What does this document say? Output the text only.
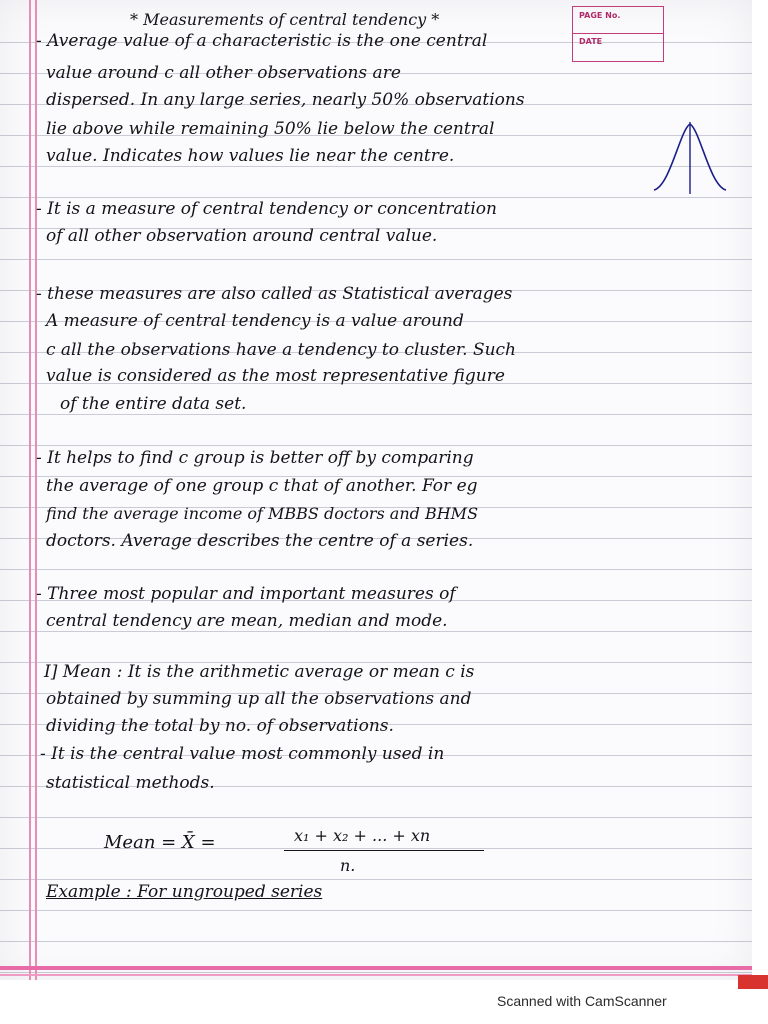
PAGE No.
DATE
* Measurements of central tendency *
- Average value of a characteristic is the one central
value around c all other observations are
dispersed. In any large series, nearly 50% observations
lie above while remaining 50% lie below the central
value. Indicates how values lie near the centre.
- It is a measure of central tendency or concentration
of all other observation around central value.
- these measures are also called as Statistical averages
A measure of central tendency is a value around
c all the observations have a tendency to cluster. Such
value is considered as the most representative figure
of the entire data set.
- It helps to find c group is better off by comparing
the average of one group c that of another. For eg
find the average income of MBBS doctors and BHMS
doctors. Average describes the centre of a series.
- Three most popular and important measures of
central tendency are mean, median and mode.
I] Mean : It is the arithmetic average or mean c is
obtained by summing up all the observations and
dividing the total by no. of observations.
- It is the central value most commonly used in
statistical methods.
Mean = X̄ =	x₁ + x₂ + ... + xn
n.
Example : For ungrouped series
Scanned with CamScanner
